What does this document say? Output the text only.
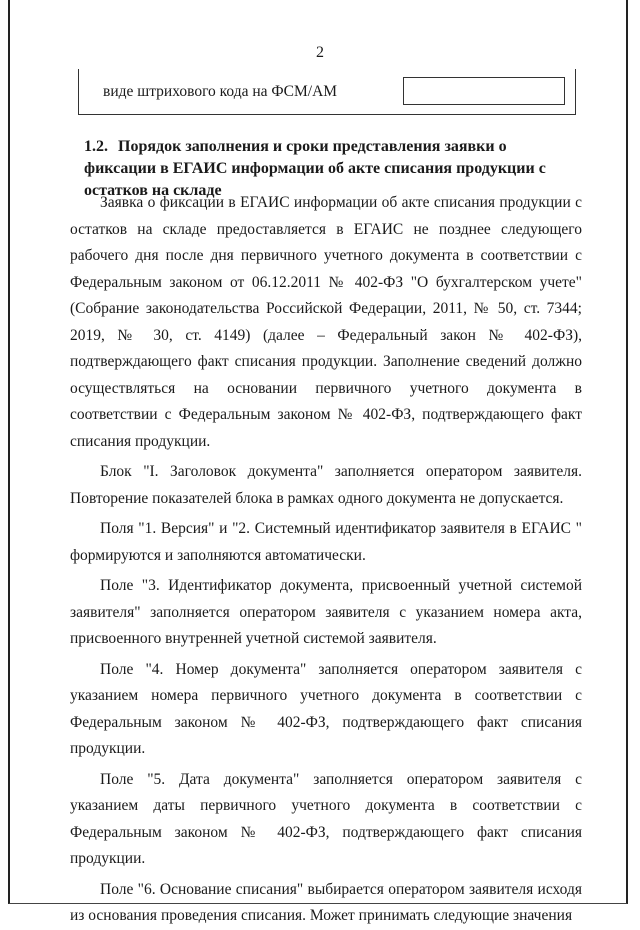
2
виде штрихового кода на ФСМ/АМ
1.2. Порядок заполнения и сроки представления заявки о фиксации в ЕГАИС информации об акте списания продукции с остатков на складе

Заявка о фиксации в ЕГАИС информации об акте списания продукции с остатков на складе предоставляется в ЕГАИС не позднее следующего рабочего дня после дня первичного учетного документа в соответствии с Федеральным законом от 06.12.2011 № 402-ФЗ "О бухгалтерском учете" (Собрание законодательства Российской Федерации, 2011, № 50, ст. 7344; 2019, № 30, ст. 4149) (далее – Федеральный закон № 402-ФЗ), подтверждающего факт списания продукции. Заполнение сведений должно осуществляться на основании первичного учетного документа в соответствии с Федеральным законом № 402-ФЗ, подтверждающего факт списания продукции.

Блок "I. Заголовок документа" заполняется оператором заявителя. Повторение показателей блока в рамках одного документа не допускается.

Поля "1. Версия" и "2. Системный идентификатор заявителя в ЕГАИС " формируются и заполняются автоматически.

Поле "3. Идентификатор документа, присвоенный учетной системой заявителя" заполняется оператором заявителя с указанием номера акта, присвоенного внутренней учетной системой заявителя.

Поле "4. Номер документа" заполняется оператором заявителя с указанием номера первичного учетного документа в соответствии с Федеральным законом № 402-ФЗ, подтверждающего факт списания продукции.

Поле "5. Дата документа" заполняется оператором заявителя с указанием даты первичного учетного документа в соответствии с Федеральным законом № 402-ФЗ, подтверждающего факт списания продукции.

Поле "6. Основание списания" выбирается оператором заявителя исходя из основания проведения списания. Может принимать следующие значения
